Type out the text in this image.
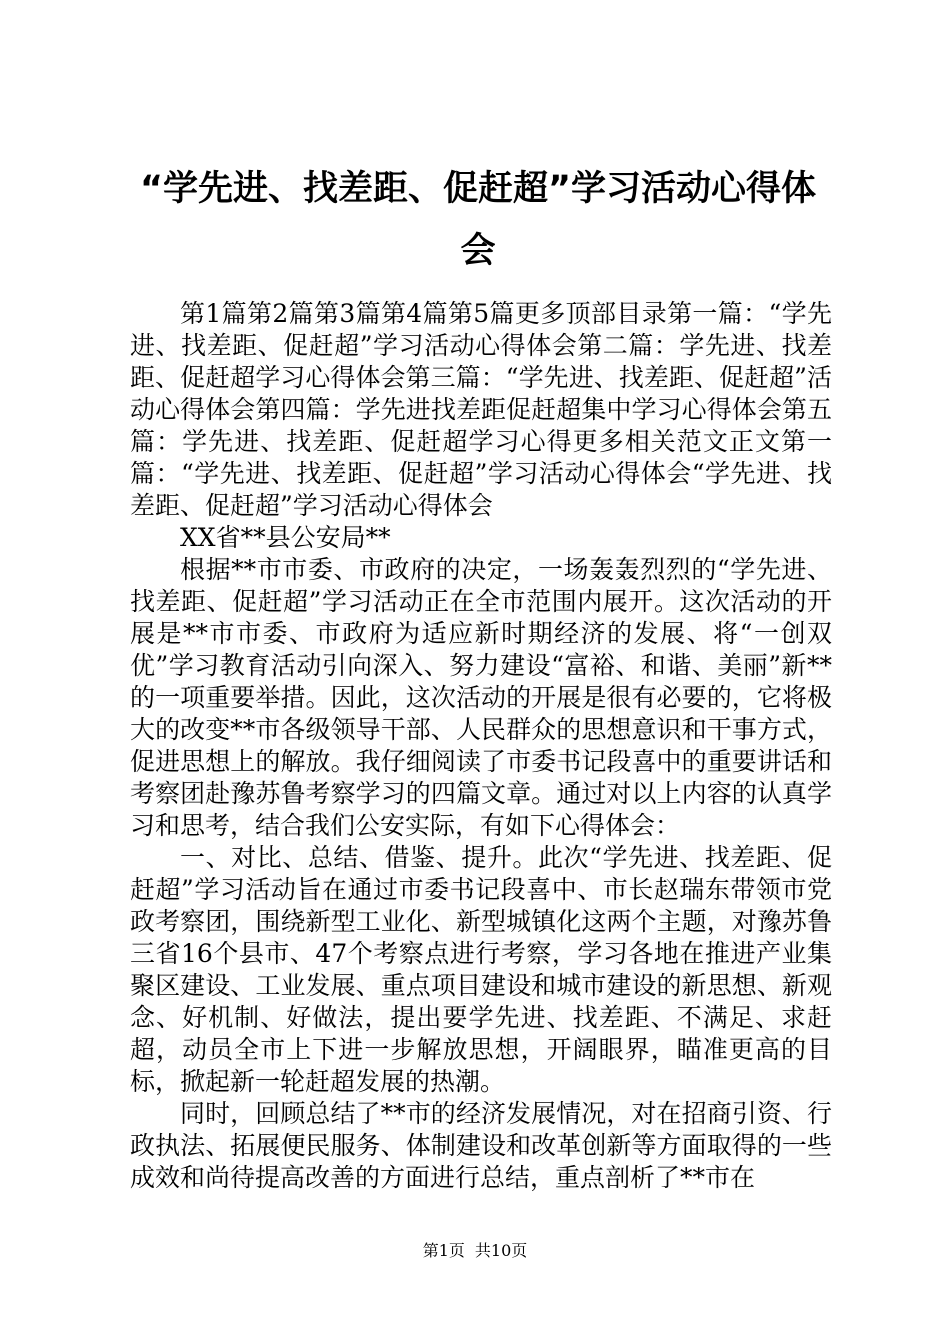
“学先进、找差距、促赶超”学习活动心得体会

第1篇第2篇第3篇第4篇第5篇更多顶部目录第一篇：“学先进、找差距、促赶超”学习活动心得体会第二篇：学先进、找差距、促赶超学习心得体会第三篇：“学先进、找差距、促赶超”活动心得体会第四篇：学先进找差距促赶超集中学习心得体会第五篇：学先进、找差距、促赶超学习心得更多相关范文正文第一篇：“学先进、找差距、促赶超”学习活动心得体会“学先进、找差距、促赶超”学习活动心得体会

XX省**县公安局**

根据**市市委、市政府的决定，一场轰轰烈烈的“学先进、找差距、促赶超”学习活动正在全市范围内展开。这次活动的开展是**市市委、市政府为适应新时期经济的发展、将“一创双优”学习教育活动引向深入、努力建设“富裕、和谐、美丽”新**的一项重要举措。因此，这次活动的开展是很有必要的，它将极大的改变**市各级领导干部、人民群众的思想意识和干事方式，促进思想上的解放。我仔细阅读了市委书记段喜中的重要讲话和考察团赴豫苏鲁考察学习的四篇文章。通过对以上内容的认真学习和思考，结合我们公安实际，有如下心得体会：

一、对比、总结、借鉴、提升。此次“学先进、找差距、促赶超”学习活动旨在通过市委书记段喜中、市长赵瑞东带领市党政考察团，围绕新型工业化、新型城镇化这两个主题，对豫苏鲁三省16个县市、47个考察点进行考察，学习各地在推进产业集聚区建设、工业发展、重点项目建设和城市建设的新思想、新观念、好机制、好做法，提出要学先进、找差距、不满足、求赶超，动员全市上下进一步解放思想，开阔眼界，瞄准更高的目标，掀起新一轮赶超发展的热潮。

同时，回顾总结了**市的经济发展情况，对在招商引资、行政执法、拓展便民服务、体制建设和改革创新等方面取得的一些成效和尚待提高改善的方面进行总结，重点剖析了**市在

第1页 共10页
